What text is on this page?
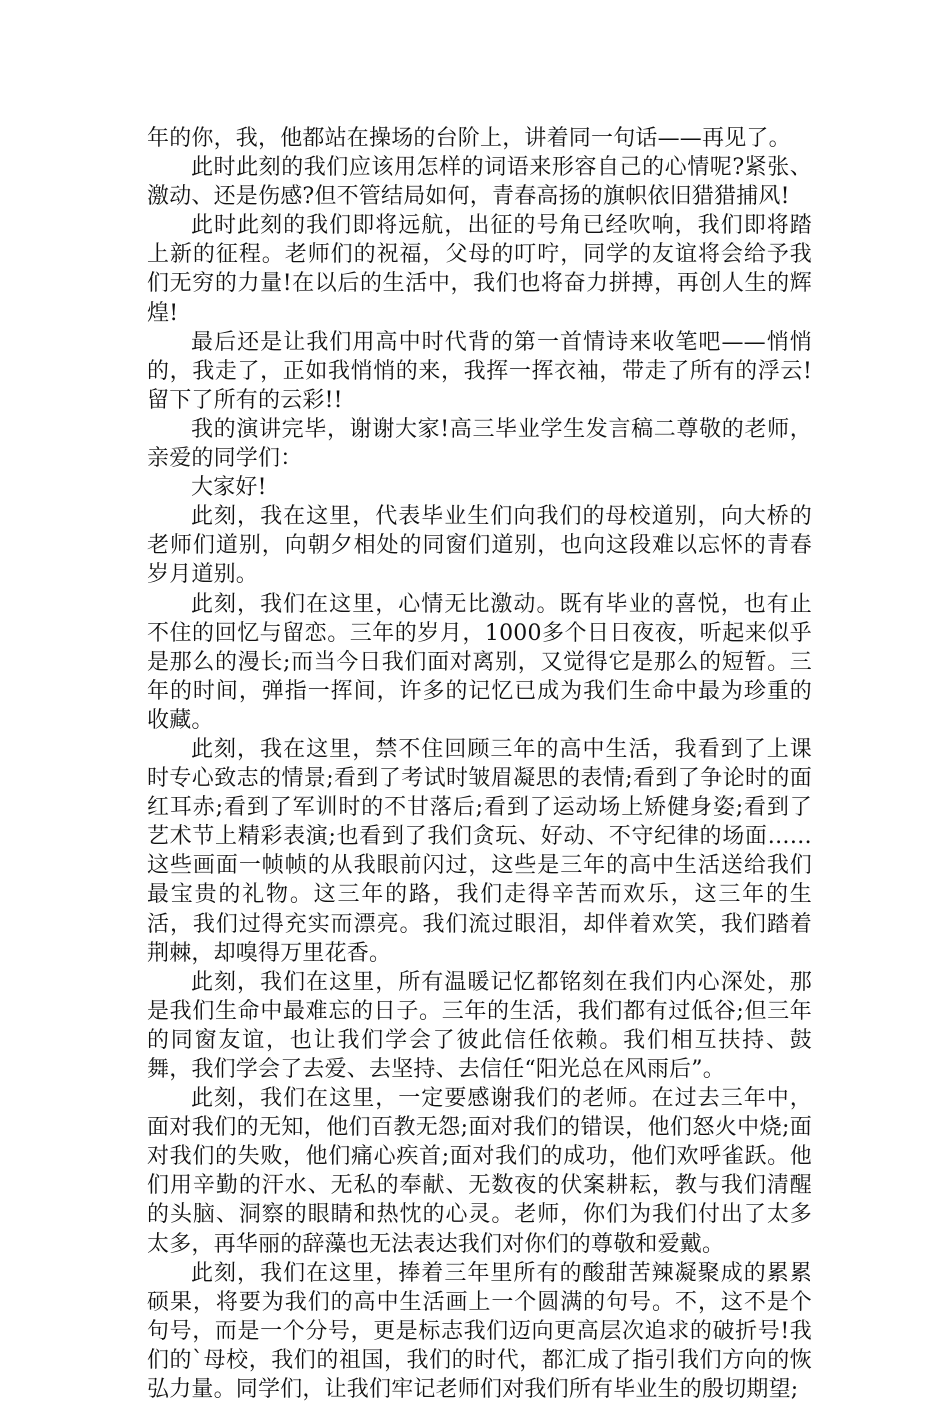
年的你，我，他都站在操场的台阶上，讲着同一句话——再见了。

此时此刻的我们应该用怎样的词语来形容自己的心情呢?紧张、激动、还是伤感?但不管结局如何，青春高扬的旗帜依旧猎猎捕风!

此时此刻的我们即将远航，出征的号角已经吹响，我们即将踏上新的征程。老师们的祝福，父母的叮咛，同学的友谊将会给予我们无穷的力量!在以后的生活中，我们也将奋力拼搏，再创人生的辉煌!

最后还是让我们用高中时代背的第一首情诗来收笔吧——悄悄的，我走了，正如我悄悄的来，我挥一挥衣袖，带走了所有的浮云!留下了所有的云彩!!

我的演讲完毕，谢谢大家!高三毕业学生发言稿二尊敬的老师，亲爱的同学们：

大家好!

此刻，我在这里，代表毕业生们向我们的母校道别，向大桥的老师们道别，向朝夕相处的同窗们道别，也向这段难以忘怀的青春岁月道别。

此刻，我们在这里，心情无比激动。既有毕业的喜悦，也有止不住的回忆与留恋。三年的岁月，1000多个日日夜夜，听起来似乎是那么的漫长;而当今日我们面对离别，又觉得它是那么的短暂。三年的时间，弹指一挥间，许多的记忆已成为我们生命中最为珍重的收藏。

此刻，我在这里，禁不住回顾三年的高中生活，我看到了上课时专心致志的情景;看到了考试时皱眉凝思的表情;看到了争论时的面红耳赤;看到了军训时的不甘落后;看到了运动场上矫健身姿;看到了艺术节上精彩表演;也看到了我们贪玩、好动、不守纪律的场面……这些画面一帧帧的从我眼前闪过，这些是三年的高中生活送给我们最宝贵的礼物。这三年的路，我们走得辛苦而欢乐，这三年的生活，我们过得充实而漂亮。我们流过眼泪，却伴着欢笑，我们踏着荆棘，却嗅得万里花香。

此刻，我们在这里，所有温暖记忆都铭刻在我们内心深处，那是我们生命中最难忘的日子。三年的生活，我们都有过低谷;但三年的同窗友谊，也让我们学会了彼此信任依赖。我们相互扶持、鼓舞，我们学会了去爱、去坚持、去信任“阳光总在风雨后”。

此刻，我们在这里，一定要感谢我们的老师。在过去三年中，面对我们的无知，他们百教无怨;面对我们的错误，他们怒火中烧;面对我们的失败，他们痛心疾首;面对我们的成功，他们欢呼雀跃。他们用辛勤的汗水、无私的奉献、无数夜的伏案耕耘，教与我们清醒的头脑、洞察的眼睛和热忱的心灵。老师，你们为我们付出了太多太多，再华丽的辞藻也无法表达我们对你们的尊敬和爱戴。

此刻，我们在这里，捧着三年里所有的酸甜苦辣凝聚成的累累硕果，将要为我们的高中生活画上一个圆满的句号。不，这不是个句号，而是一个分号，更是标志我们迈向更高层次追求的破折号!我们的`母校，我们的祖国，我们的时代，都汇成了指引我们方向的恢弘力量。同学们，让我们牢记老师们对我们所有毕业生的殷切期望;
